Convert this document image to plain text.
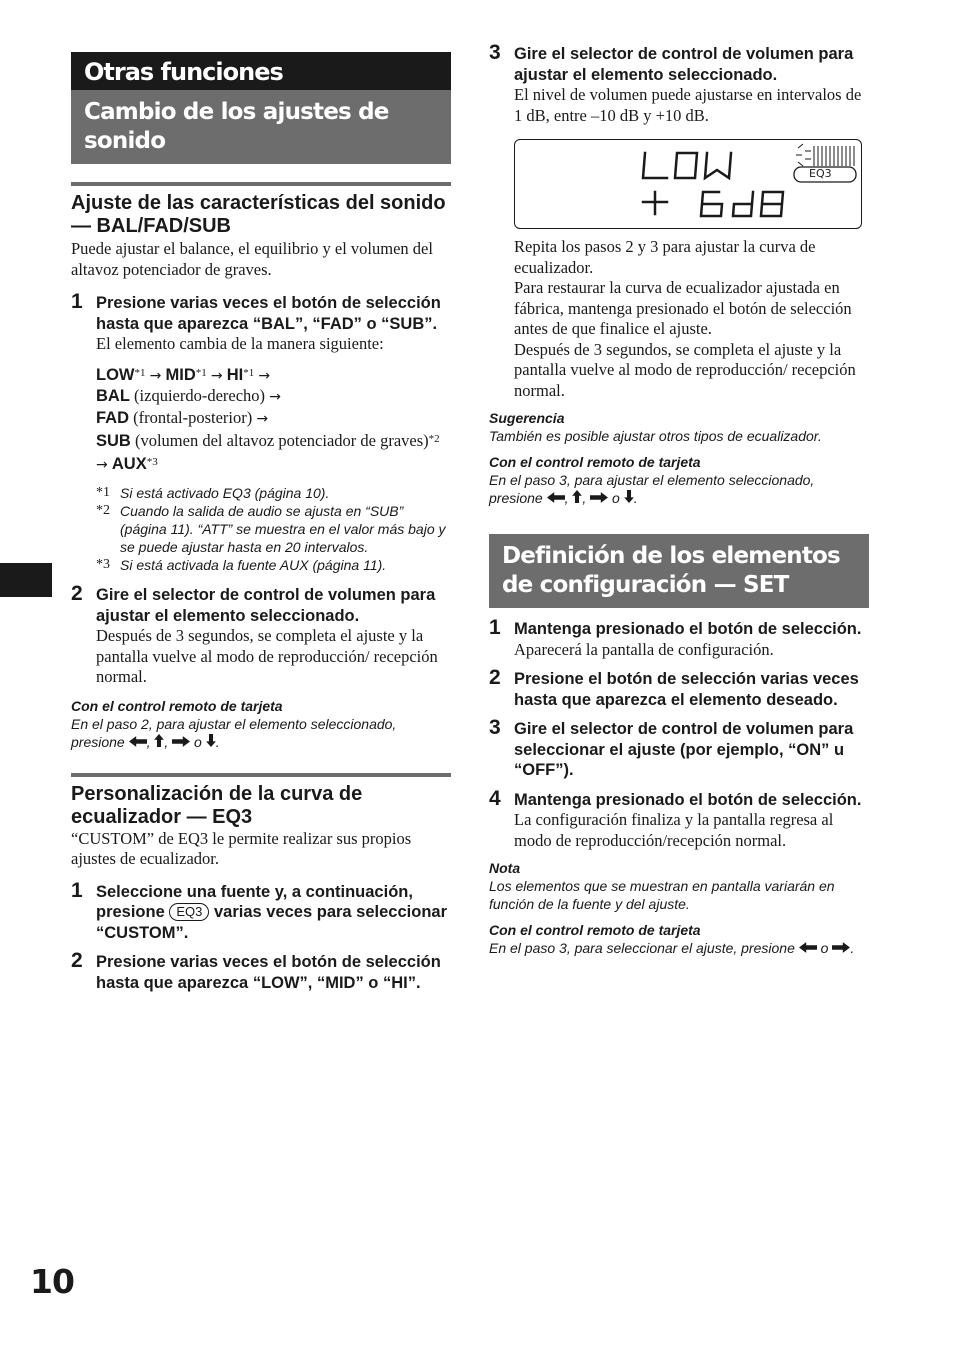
Otras funciones
Cambio de los ajustes de sonido
Ajuste de las características del sonido — BAL/FAD/SUB

Puede ajustar el balance, el equilibrio y el volumen del altavoz potenciador de graves.

1 Presione varias veces el botón de selección hasta que aparezca “BAL”, “FAD” o “SUB”.

El elemento cambia de la manera siguiente:

$LOW^{*1} \to MID^{*1} \to HI^{*1}$ →
BAL (izquierdo-derecho) →
FAD (frontal-posterior) →
SUB (volumen del altavoz potenciador de graves)$^{*2}$ → $AUX^{*3}$
*1 Si está activado EQ3 (página 10).
*2 Cuando la salida de audio se ajusta en “SUB” (página 11). “ATT” se muestra en el valor más bajo y se puede ajustar hasta en 20 intervalos.
*3 Si está activada la fuente AUX (página 11).
2 Gire el selector de control de volumen para ajustar el elemento seleccionado.

Después de 3 segundos, se completa el ajuste y la pantalla vuelve al modo de reproducción/ recepción normal.

Con el control remoto de tarjeta
En el paso 2, para ajustar el elemento seleccionado, presione , ,  o .
Personalización de la curva de ecualizador — EQ3

“CUSTOM” de EQ3 le permite realizar sus propios ajustes de ecualizador.

1 Seleccione una fuente y, a continuación, presione EQ3 varias veces para seleccionar “CUSTOM”.
2 Presione varias veces el botón de selección hasta que aparezca “LOW”, “MID” o “HI”.
3 Gire el selector de control de volumen para ajustar el elemento seleccionado.

El nivel de volumen puede ajustarse en intervalos de 1 dB, entre –10 dB y +10 dB.

EQ3

Repita los pasos 2 y 3 para ajustar la curva de ecualizador.

Para restaurar la curva de ecualizador ajustada en fábrica, mantenga presionado el botón de selección antes de que finalice el ajuste.

Después de 3 segundos, se completa el ajuste y la pantalla vuelve al modo de reproducción/ recepción normal.

Sugerencia
También es posible ajustar otros tipos de ecualizador.
Con el control remoto de tarjeta
En el paso 3, para ajustar el elemento seleccionado, presione , ,  o .
Definición de los elementos de configuración — SET
1 Mantenga presionado el botón de selección.

Aparecerá la pantalla de configuración.

2 Presione el botón de selección varias veces hasta que aparezca el elemento deseado.
3 Gire el selector de control de volumen para seleccionar el ajuste (por ejemplo, “ON” u “OFF”).
4 Mantenga presionado el botón de selección.

La configuración finaliza y la pantalla regresa al modo de reproducción/recepción normal.

Nota
Los elementos que se muestran en pantalla variarán en función de la fuente y del ajuste.
Con el control remoto de tarjeta
En el paso 3, para seleccionar el ajuste, presione o .
10
